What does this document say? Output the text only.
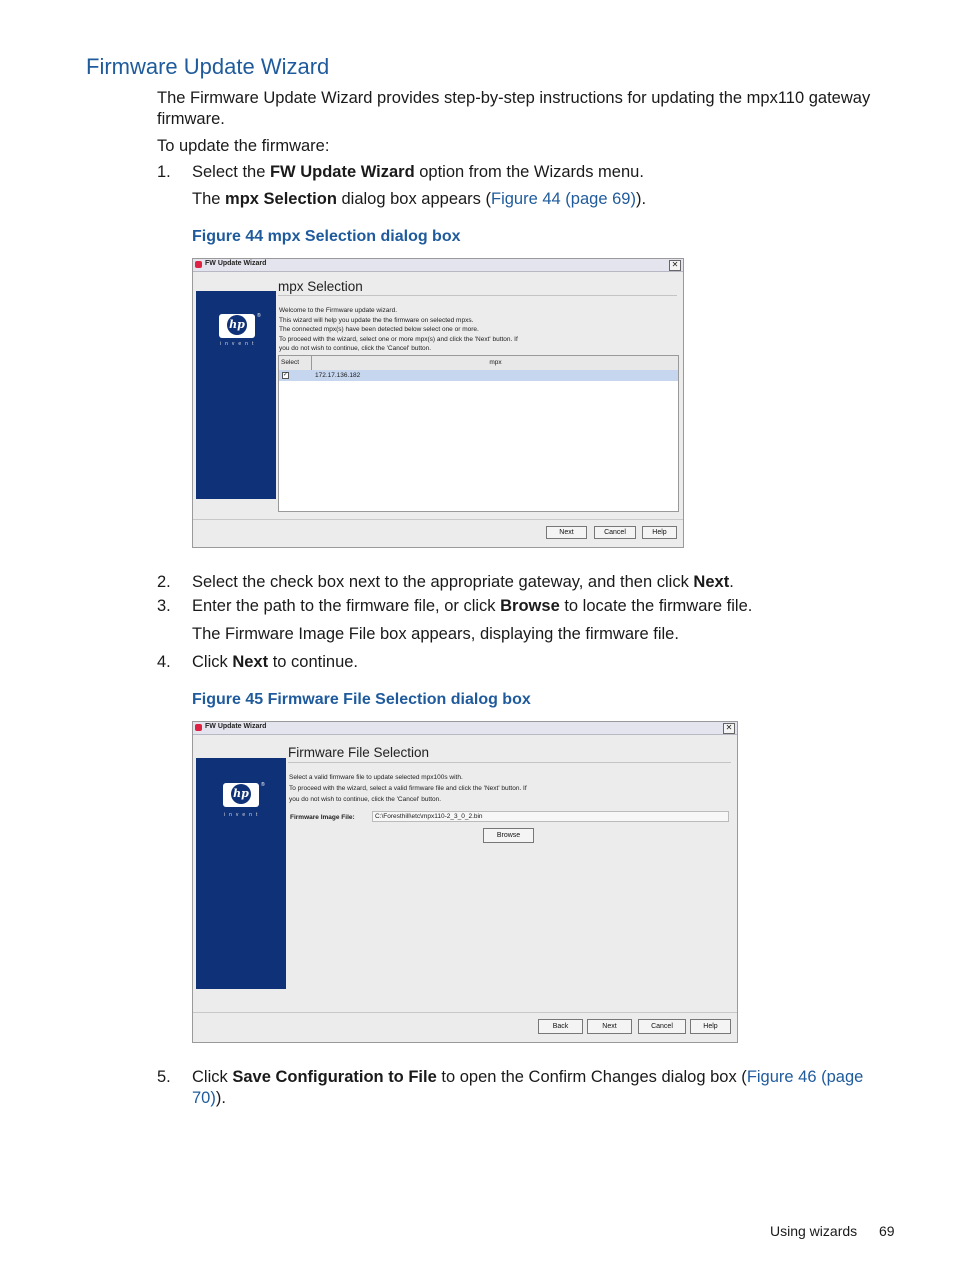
Firmware Update Wizard
The Firmware Update Wizard provides step-by-step instructions for updating the mpx110 gateway
firmware.
To update the firmware:
1. Select the FW Update Wizard option from the Wizards menu.
The mpx Selection dialog box appears (Figure 44 (page 69)).
Figure 44 mpx Selection dialog box
FW Update Wizard	✕
hp
®
invent
mpx Selection
Welcome to the Firmware update wizard.
This wizard will help you update the the firmware on selected mpxs.
The connected mpx(s) have been detected below select one or more.
To proceed with the wizard, select one or more mpx(s) and click the 'Next' button. If
you do not wish to continue, click the 'Cancel' button.
Select	mpx
✓	172.17.136.182
Next	Cancel	Help
2. Select the check box next to the appropriate gateway, and then click Next.
3. Enter the path to the firmware file, or click Browse to locate the firmware file.
The Firmware Image File box appears, displaying the firmware file.
4. Click Next to continue.
Figure 45 Firmware File Selection dialog box
FW Update Wizard	✕
hp
®
invent
Firmware File Selection
Select a valid firmware file to update selected mpx100s with.
To proceed with the wizard, select a valid firmware file and click the 'Next' button. If
you do not wish to continue, click the 'Cancel' button.
Firmware Image File:	C:\Foresthill\etc\mpx110-2_3_0_2.bin
Browse
Back	Next	Cancel	Help
5. Click Save Configuration to File to open the Confirm Changes dialog box (Figure 46 (page
70)).
Using wizards 69
